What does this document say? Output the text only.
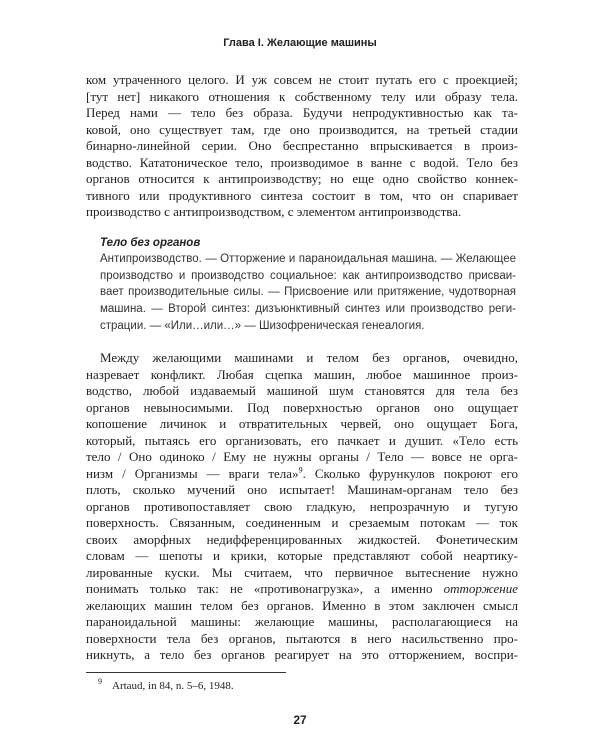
Глава I. Желающие машины
ком утраченного целого. И уж совсем не стоит путать его с проекцией;
[тут нет] никакого отношения к собственному телу или образу тела.
Перед нами — тело без образа. Будучи непродуктивностью как та-
ковой, оно существует там, где оно производится, на третьей стадии
бинарно-линейной серии. Оно беспрестанно впрыскивается в произ-
водство. Кататоническое тело, производимое в ванне с водой. Тело без
органов относится к антипроизводству; но еще одно свойство коннек-
тивного или продуктивного синтеза состоит в том, что он спаривает
производство с антипроизводством, с элементом антипроизводства.
Тело без органов
Антипроизводство. — Отторжение и параноидальная машина. — Желающее
производство и производство социальное: как антипроизводство присваи-
вает производительные силы. — Присвоение или притяжение, чудотворная
машина. — Второй синтез: дизъюнктивный синтез или производство реги-
страции. — «Или…или…» — Шизофреническая генеалогия.
Между желающими машинами и телом без органов, очевидно,
назревает конфликт. Любая сцепка машин, любое машинное произ-
водство, любой издаваемый машиной шум становятся для тела без
органов невыносимыми. Под поверхностью органов оно ощущает
копошение личинок и отвратительных червей, оно ощущает Бога,
который, пытаясь его организовать, его пачкает и душит. «Тело есть
тело / Оно одиноко / Ему не нужны органы / Тело — вовсе не орга-
низм / Организмы — враги тела»$^9$. Сколько фурункулов покроют его
плоть, сколько мучений оно испытает! Машинам-органам тело без
органов противопоставляет свою гладкую, непрозрачную и тугую
поверхность. Связанным, соединенным и срезаемым потокам — ток
своих аморфных недифференцированных жидкостей. Фонетическим
словам — шепоты и крики, которые представляют собой неартику-
лированные куски. Мы считаем, что первичное вытеснение нужно
понимать только так: не «противонагрузка», а именно отторжение
желающих машин телом без органов. Именно в этом заключен смысл
параноидальной машины: желающие машины, располагающиеся на
поверхности тела без органов, пытаются в него насильственно про-
никнуть, а тело без органов реагирует на это отторжением, воспри-
$^9$ Artaud, in 84, n. 5–6, 1948.
27
